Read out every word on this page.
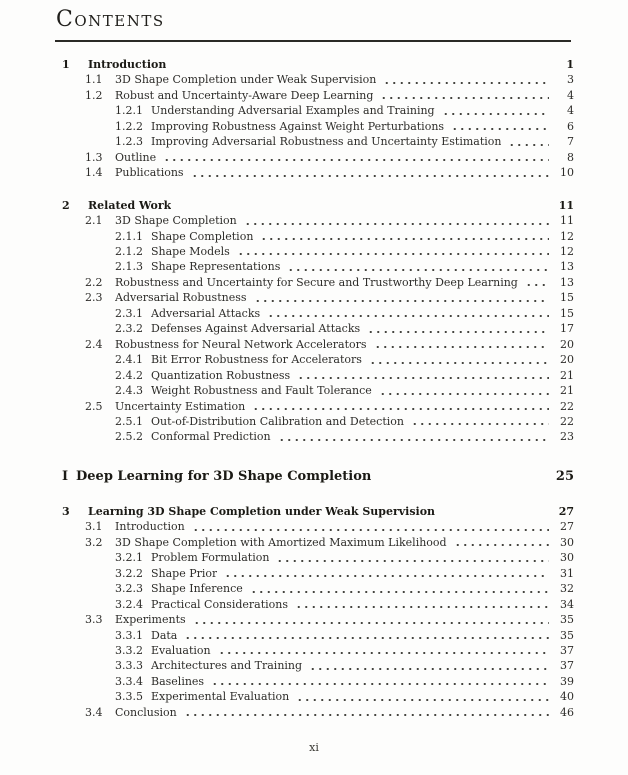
Contents
1	Introduction	1
1.1	3D Shape Completion under Weak Supervision	3
1.2	Robust and Uncertainty-Aware Deep Learning	4
1.2.1 Understanding Adversarial Examples and Training	4
1.2.2 Improving Robustness Against Weight Perturbations	6
1.2.3 Improving Adversarial Robustness and Uncertainty Estimation	7
1.3	Outline	8
1.4	Publications	10
2	Related Work	11
2.1	3D Shape Completion	11
2.1.1 Shape Completion	12
2.1.2 Shape Models	12
2.1.3 Shape Representations	13
2.2	Robustness and Uncertainty for Secure and Trustworthy Deep Learning	13
2.3	Adversarial Robustness	15
2.3.1 Adversarial Attacks	15
2.3.2 Defenses Against Adversarial Attacks	17
2.4	Robustness for Neural Network Accelerators	20
2.4.1 Bit Error Robustness for Accelerators	20
2.4.2 Quantization Robustness	21
2.4.3 Weight Robustness and Fault Tolerance	21
2.5	Uncertainty Estimation	22
2.5.1 Out-of-Distribution Calibration and Detection	22
2.5.2 Conformal Prediction	23
I Deep Learning for 3D Shape Completion	25
3	Learning 3D Shape Completion under Weak Supervision	27
3.1	Introduction	27
3.2	3D Shape Completion with Amortized Maximum Likelihood	30
3.2.1 Problem Formulation	30
3.2.2 Shape Prior	31
3.2.3 Shape Inference	32
3.2.4 Practical Considerations	34
3.3	Experiments	35
3.3.1 Data	35
3.3.2 Evaluation	37
3.3.3 Architectures and Training	37
3.3.4 Baselines	39
3.3.5 Experimental Evaluation	40
3.4	Conclusion	46
xi
